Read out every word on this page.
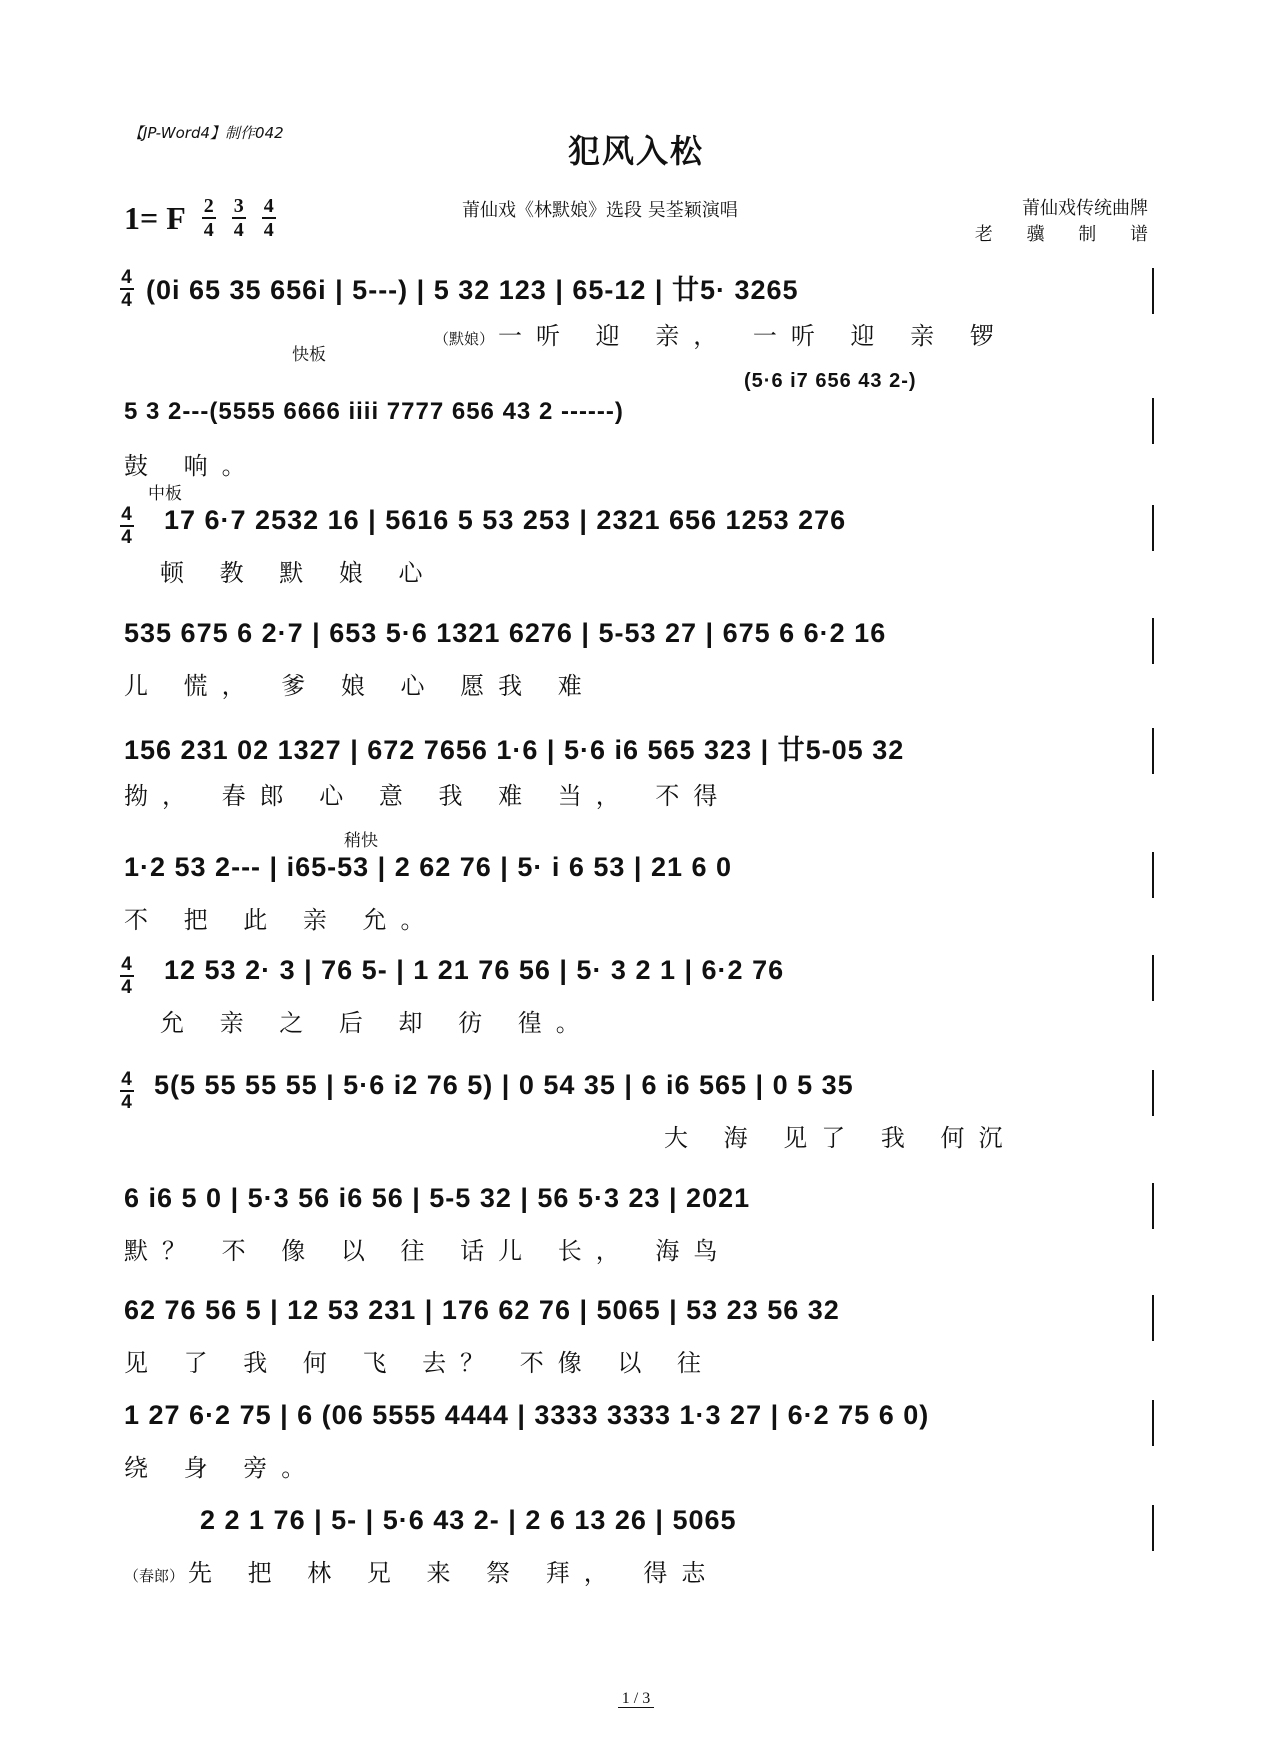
【JP-Word4】制作042	犯风入松
1= F 2
4
3
4
4
4
莆仙戏《林默娘》选段 吴荃颖演唱	莆仙戏传统曲牌
老 骥 制 谱
4
4 (0i 65 35 656i | 5---) | 5 32 123 | 65-12 | 廿5· 3265
（默娘） 一听 迎 亲， 一听 迎 亲 锣
快板
(5·6 i7 656 43 2-)
5 3 2---(5555 6666 iiii 7777 656 43 2 ------)
鼓 响。
中板
4
4
17 6·7 2532 16 | 5616 5 53 253 | 2321 656 1253 276
顿 教 默 娘 心
535 675 6 2·7 | 653 5·6 1321 6276 | 5-53 27 | 675 6 6·2 16
儿 慌， 爹 娘 心 愿我 难
156 231 02 1327 | 672 7656 1·6 | 5·6 i6 565 323 | 廿5-05 32
拗， 春郎 心 意 我 难 当， 不得
稍快
1·2 53 2--- | i65-53 | 2 62 76 | 5· i 6 53 | 21 6 0
不 把 此 亲 允。
4
4
12 53 2· 3 | 76 5- | 1 21 76 56 | 5· 3 2 1 | 6·2 76
允 亲 之 后 却 彷 徨。
4
4
5(5 55 55 55 | 5·6 i2 76 5) | 0 54 35 | 6 i6 565 | 0 5 35
大 海 见了 我 何沉
6 i6 5 0 | 5·3 56 i6 56 | 5-5 32 | 56 5·3 23 | 2021
默？ 不 像 以 往 话儿 长， 海鸟
62 76 56 5 | 12 53 231 | 176 62 76 | 5065 | 53 23 56 32
见 了 我 何 飞 去？ 不像 以 往
1 27 6·2 75 | 6 (06 5555 4444 | 3333 3333 1·3 27 | 6·2 75 6 0)
绕 身 旁。
2 2 1 76 | 5- | 5·6 43 2- | 2 6 13 26 | 5065
（春郎） 先 把 林 兄 来 祭 拜， 得志
1 / 3
